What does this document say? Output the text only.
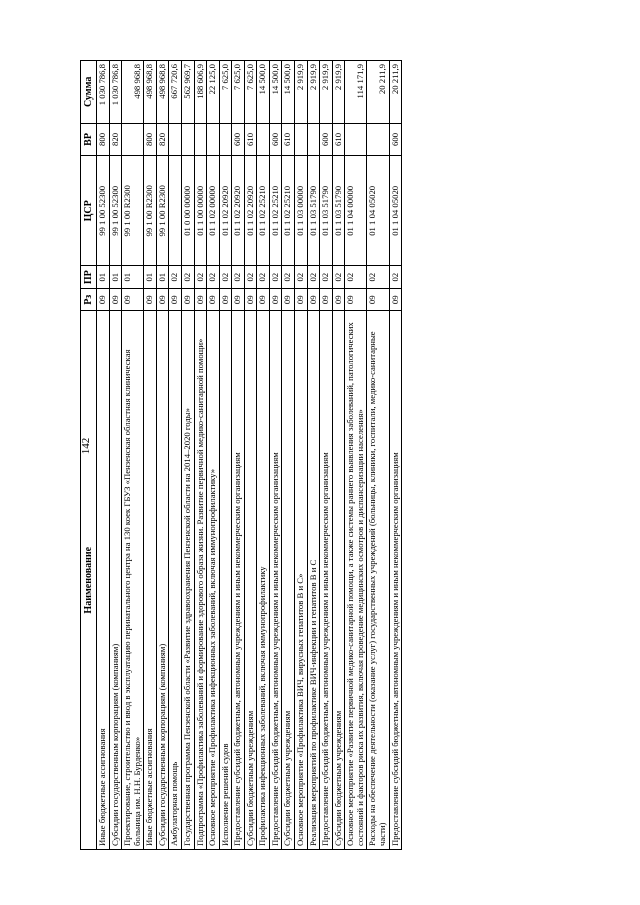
142
Наименование	Рз	ПР	ЦСР	ВР	Сумма
Иные бюджетные ассигнования	09	01	99 1 00 52300	800	1 030 786,8
Субсидии государственным корпорациям (компаниям)	09	01	99 1 00 52300	820	1 030 786,8
Проектирование, строительство и ввод в эксплуатацию перинатального центра на 130 коек ГБУЗ «Пензенская областная клиническая больница им. Н.Н. Бурденко»	09	01	99 1 00 R2300		498 968,8
Иные бюджетные ассигнования	09	01	99 1 00 R2300	800	498 968,8
Субсидии государственным корпорациям (компаниям)	09	01	99 1 00 R2300	820	498 968,8
Амбулаторная помощь	09	02			667 720,6
Государственная программа Пензенской области «Развитие здравоохранения Пензенской области на 2014–2020 годы»	09	02	01 0 00 00000		562 969,7
Подпрограмма «Профилактика заболеваний и формирование здорового образа жизни. Развитие первичной медико-санитарной помощи»	09	02	01 1 00 00000		188 606,9
Основное мероприятие «Профилактика инфекционных заболеваний, включая иммунопрофилактику»	09	02	01 1 02 00000		22 125,0
Исполнение решений судов	09	02	01 1 02 20920		7 625,0
Предоставление субсидий бюджетным, автономным учреждениям и иным некоммерческим организациям	09	02	01 1 02 20920	600	7 625,0
Субсидии бюджетным учреждениям	09	02	01 1 02 20920	610	7 625,0
Профилактика инфекционных заболеваний, включая иммунопрофилактику	09	02	01 1 02 25210		14 500,0
Предоставление субсидий бюджетным, автономным учреждениям и иным некоммерческим организациям	09	02	01 1 02 25210	600	14 500,0
Субсидии бюджетным учреждениям	09	02	01 1 02 25210	610	14 500,0
Основное мероприятие «Профилактика ВИЧ, вирусных гепатитов В и С»	09	02	01 1 03 00000		2 919,9
Реализация мероприятий по профилактике ВИЧ-инфекции и гепатитов В и С	09	02	01 1 03 51790		2 919,9
Предоставление субсидий бюджетным, автономным учреждениям и иным некоммерческим организациям	09	02	01 1 03 51790	600	2 919,9
Субсидии бюджетным учреждениям	09	02	01 1 03 51790	610	2 919,9
Основное мероприятие «Развитие первичной медико-санитарной помощи, а также системы раннего выявления заболеваний, патологических состояний и факторов риска их развития, включая проведение медицинских осмотров и диспансеризации населения»	09	02	01 1 04 00000		114 171,9
Расходы на обеспечение деятельности (оказание услуг) государственных учреждений (больницы, клиники, госпитали, медико-санитарные части)	09	02	01 1 04 05020		20 211,9
Предоставление субсидий бюджетным, автономным учреждениям и иным некоммерческим организациям	09	02	01 1 04 05020	600	20 211,9
